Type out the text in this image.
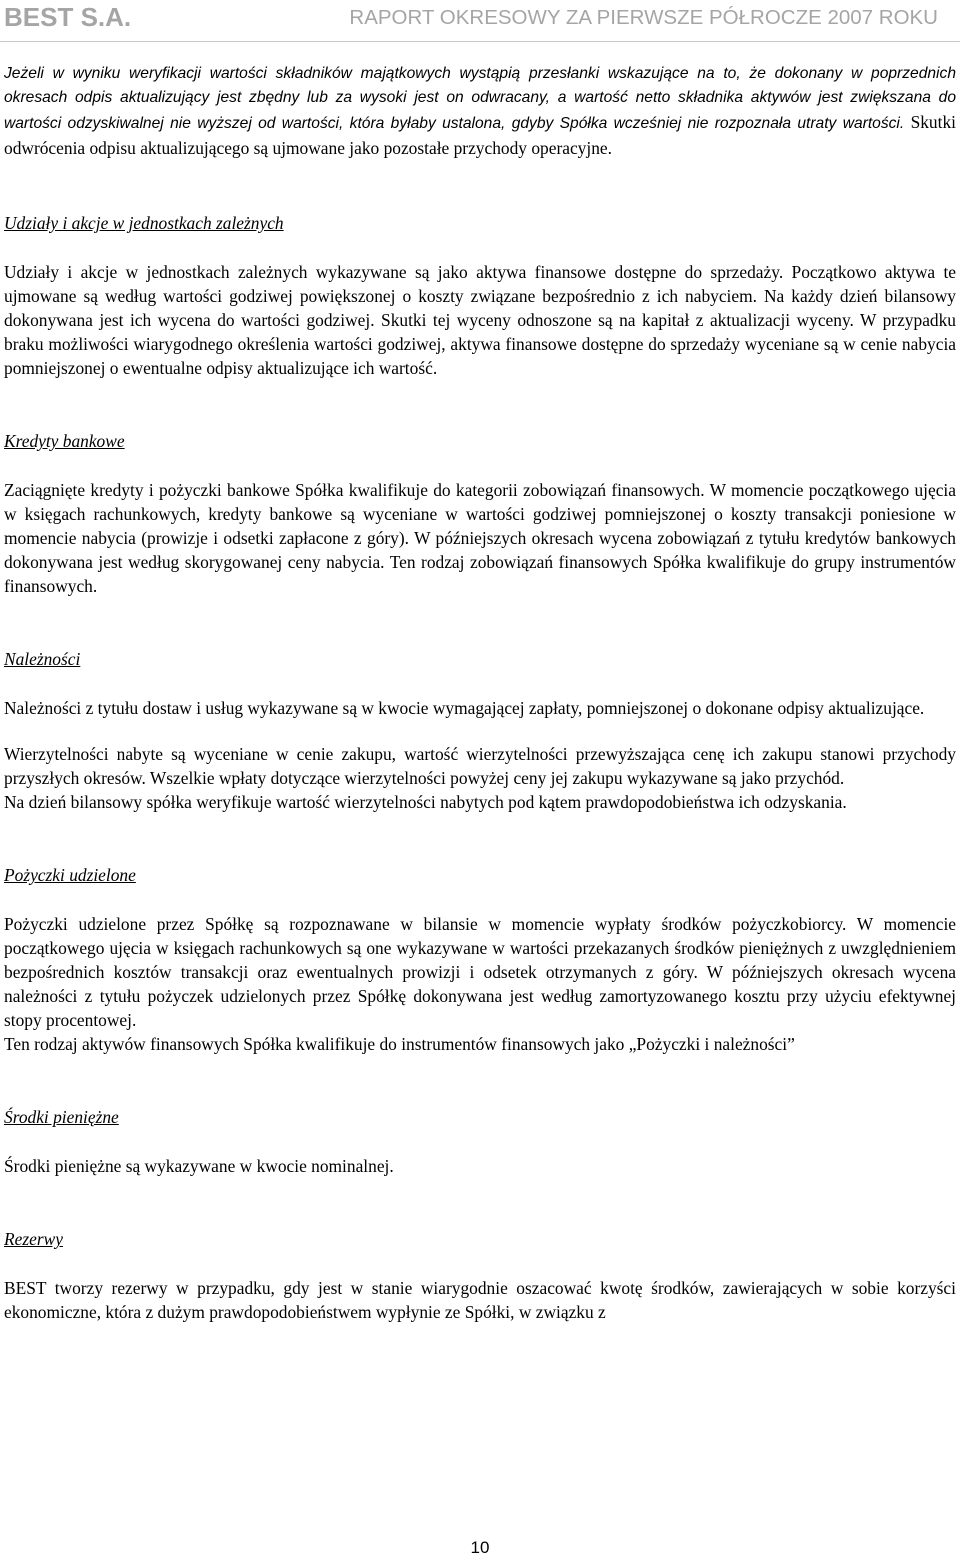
BEST S.A.	RAPORT OKRESOWY ZA PIERWSZE PÓŁROCZE 2007 ROKU

Jeżeli w wyniku weryfikacji wartości składników majątkowych wystąpią przesłanki wskazujące na to, że dokonany w poprzednich okresach odpis aktualizujący jest zbędny lub za wysoki jest on odwracany, a wartość netto składnika aktywów jest zwiększana do wartości odzyskiwalnej nie wyższej od wartości, która byłaby ustalona, gdyby Spółka wcześniej nie rozpoznała utraty wartości. Skutki odwrócenia odpisu aktualizującego są ujmowane jako pozostałe przychody operacyjne.

Udziały i akcje w jednostkach zależnych

Udziały i akcje w jednostkach zależnych wykazywane są jako aktywa finansowe dostępne do sprzedaży. Początkowo aktywa te ujmowane są według wartości godziwej powiększonej o koszty związane bezpośrednio z ich nabyciem. Na każdy dzień bilansowy dokonywana jest ich wycena do wartości godziwej. Skutki tej wyceny odnoszone są na kapitał z aktualizacji wyceny. W przypadku braku możliwości wiarygodnego określenia wartości godziwej, aktywa finansowe dostępne do sprzedaży wyceniane są w cenie nabycia pomniejszonej o ewentualne odpisy aktualizujące ich wartość.

Kredyty bankowe

Zaciągnięte kredyty i pożyczki bankowe Spółka kwalifikuje do kategorii zobowiązań finansowych. W momencie początkowego ujęcia w księgach rachunkowych, kredyty bankowe są wyceniane w wartości godziwej pomniejszonej o koszty transakcji poniesione w momencie nabycia (prowizje i odsetki zapłacone z góry). W późniejszych okresach wycena zobowiązań z tytułu kredytów bankowych dokonywana jest według skorygowanej ceny nabycia. Ten rodzaj zobowiązań finansowych Spółka kwalifikuje do grupy instrumentów finansowych.

Należności

Należności z tytułu dostaw i usług wykazywane są w kwocie wymagającej zapłaty, pomniejszonej o dokonane odpisy aktualizujące.

Wierzytelności nabyte są wyceniane w cenie zakupu, wartość wierzytelności przewyższająca cenę ich zakupu stanowi przychody przyszłych okresów. Wszelkie wpłaty dotyczące wierzytelności powyżej ceny jej zakupu wykazywane są jako przychód.

Na dzień bilansowy spółka weryfikuje wartość wierzytelności nabytych pod kątem prawdopodobieństwa ich odzyskania.

Pożyczki udzielone

Pożyczki udzielone przez Spółkę są rozpoznawane w bilansie w momencie wypłaty środków pożyczkobiorcy. W momencie początkowego ujęcia w księgach rachunkowych są one wykazywane w wartości przekazanych środków pieniężnych z uwzględnieniem bezpośrednich kosztów transakcji oraz ewentualnych prowizji i odsetek otrzymanych z góry. W późniejszych okresach wycena należności z tytułu pożyczek udzielonych przez Spółkę dokonywana jest według zamortyzowanego kosztu przy użyciu efektywnej stopy procentowej.

Ten rodzaj aktywów finansowych Spółka kwalifikuje do instrumentów finansowych jako „Pożyczki i należności”

Środki pieniężne

Środki pieniężne są wykazywane w kwocie nominalnej.

Rezerwy

BEST tworzy rezerwy w przypadku, gdy jest w stanie wiarygodnie oszacować kwotę środków, zawierających w sobie korzyści ekonomiczne, która z dużym prawdopodobieństwem wypłynie ze Spółki, w związku z

10
